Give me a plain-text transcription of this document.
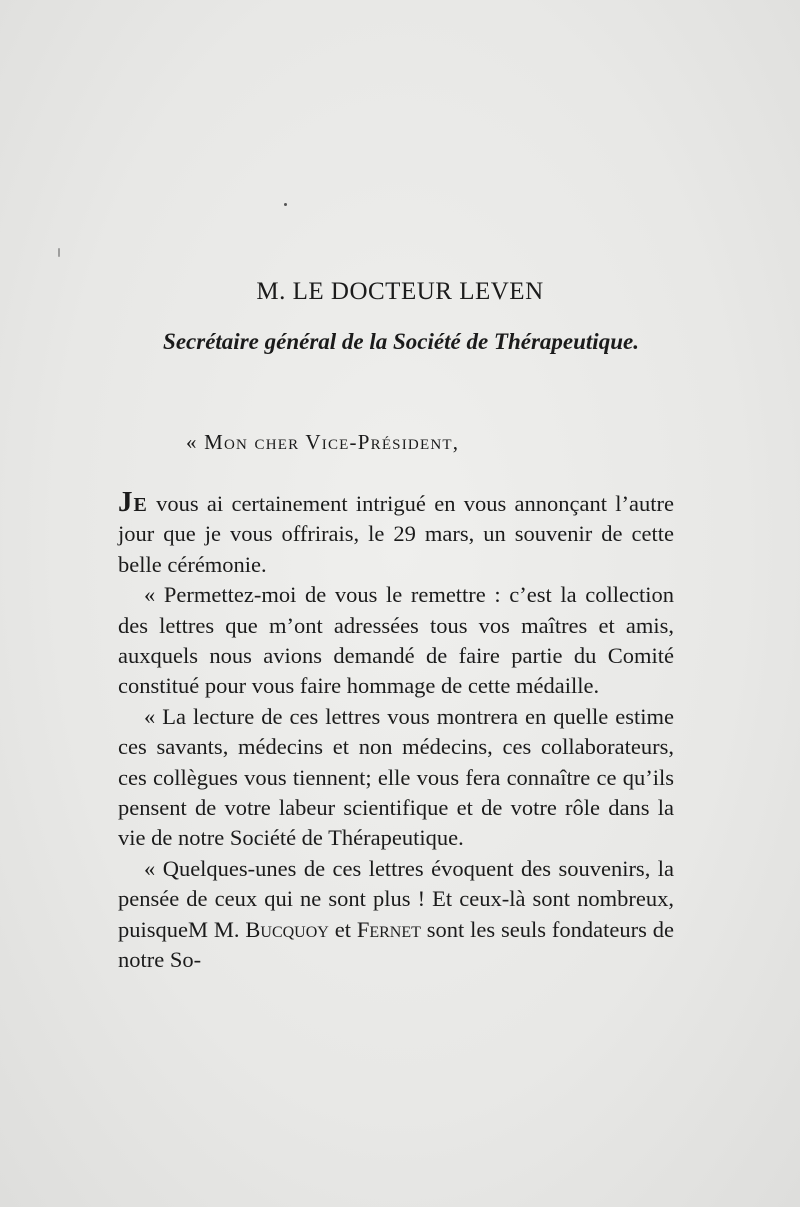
M. LE DOCTEUR LEVEN
Secrétaire général de la Société de Thérapeutique.
« Mon cher Vice-Président,

Je vous ai certainement intrigué en vous annonçant l’autre jour que je vous offrirais, le 29 mars, un souvenir de cette belle cérémonie.

« Permettez-moi de vous le remettre : c’est la collection des lettres que m’ont adressées tous vos maîtres et amis, auxquels nous avions demandé de faire partie du Comité constitué pour vous faire hommage de cette médaille.

« La lecture de ces lettres vous montrera en quelle estime ces savants, médecins et non médecins, ces collaborateurs, ces collègues vous tiennent; elle vous fera connaître ce qu’ils pensent de votre labeur scientifique et de votre rôle dans la vie de notre Société de Thérapeutique.

« Quelques-unes de ces lettres évoquent des souvenirs, la pensée de ceux qui ne sont plus ! Et ceux-là sont nombreux, puisqueM M. Bucquoy et Fernet sont les seuls fondateurs de notre So-
